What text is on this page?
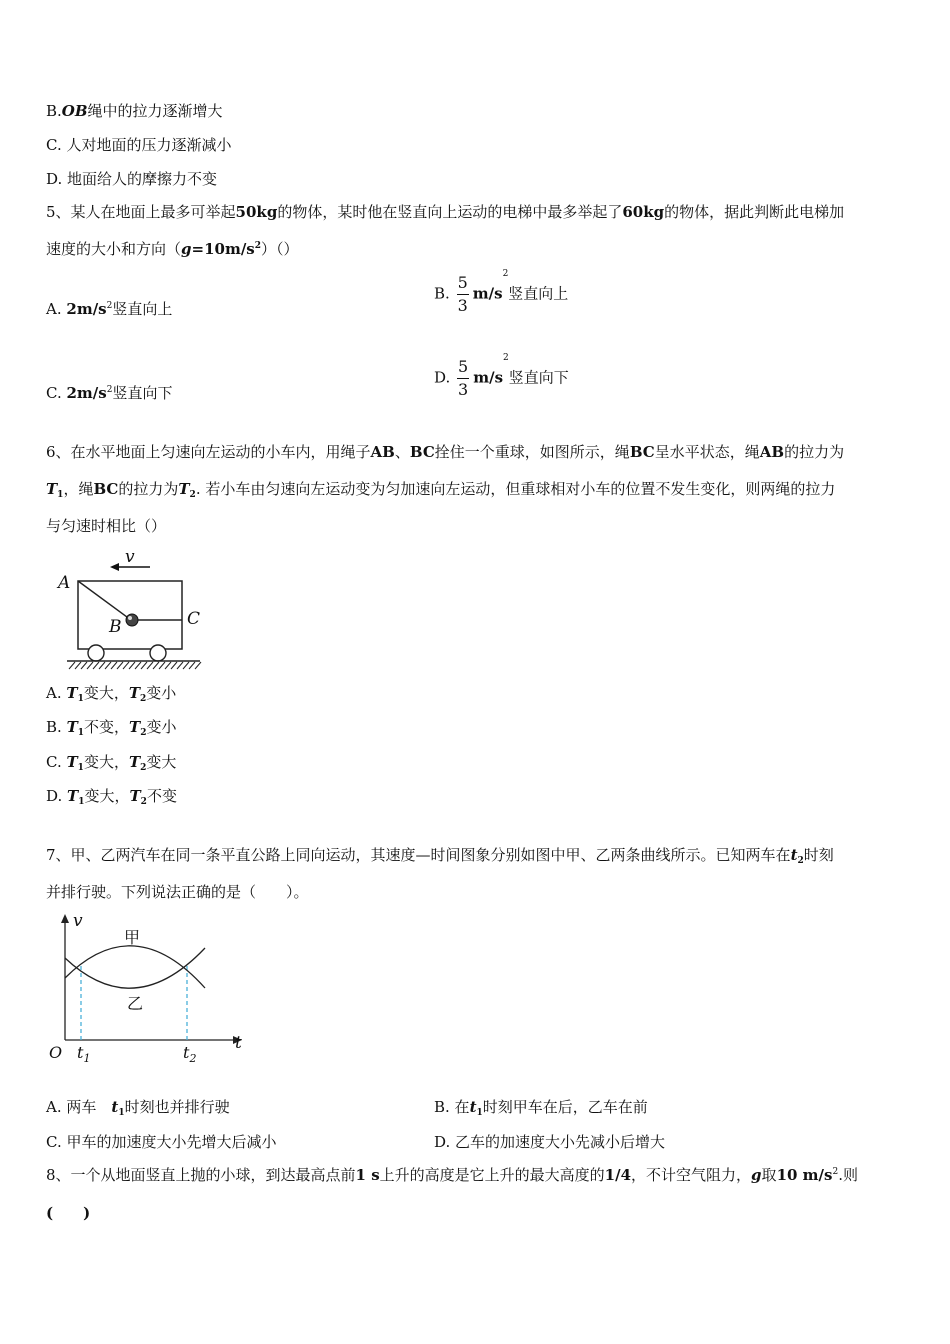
B.OB绳中的拉力逐渐增大
C. 人对地面的压力逐渐减小
D. 地面给人的摩擦力不变
5、某人在地面上最多可举起50kg的物体，某时他在竖直向上运动的电梯中最多举起了60kg的物体，据此判断此电梯加
速度的大小和方向$(g=10m/s^2)()$
A. $2m/s^2$竖直向上
B. $\frac{5}{3} m/s^2$竖直向上
C. $2m/s^2$竖直向下
D. $\frac{5}{3} m/s^2$竖直向下
6、在水平地面上匀速向左运动的小车内，用绳子AB、BC拴住一个重球，如图所示，绳BC呈水平状态，绳AB的拉力为
$T_1$，绳BC的拉力为$T_2$. 若小车由匀速向左运动变为匀加速向左运动，但重球相对小车的位置不发生变化，则两绳的拉力
与匀速时相比（）
v
A
B	C
A. $T_1$变大，$T_2$变小
B. $T_1$不变，$T_2$变小
C. $T_1$变大，$T_2$变大
D. $T_1$变大，$T_2$不变
7、甲、乙两汽车在同一条平直公路上同向运动，其速度—时间图象分别如图中甲、乙两条曲线所示。已知两车在$t_2$时刻
并排行驶。下列说法正确的是（　　）。
v
t
O $t_1$	$t_2$
甲
乙
A. 两车  $t_1$时刻也并排行驶	B. 在$t_1$时刻甲车在后，乙车在前
C. 甲车的加速度大小先增大后减小	D. 乙车的加速度大小先减小后增大
8、一个从地面竖直上抛的小球，到达最高点前1 s上升的高度是它上升的最大高度的1/4，不计空气阻力，g取10 $m/s^2$.则
(　　)
